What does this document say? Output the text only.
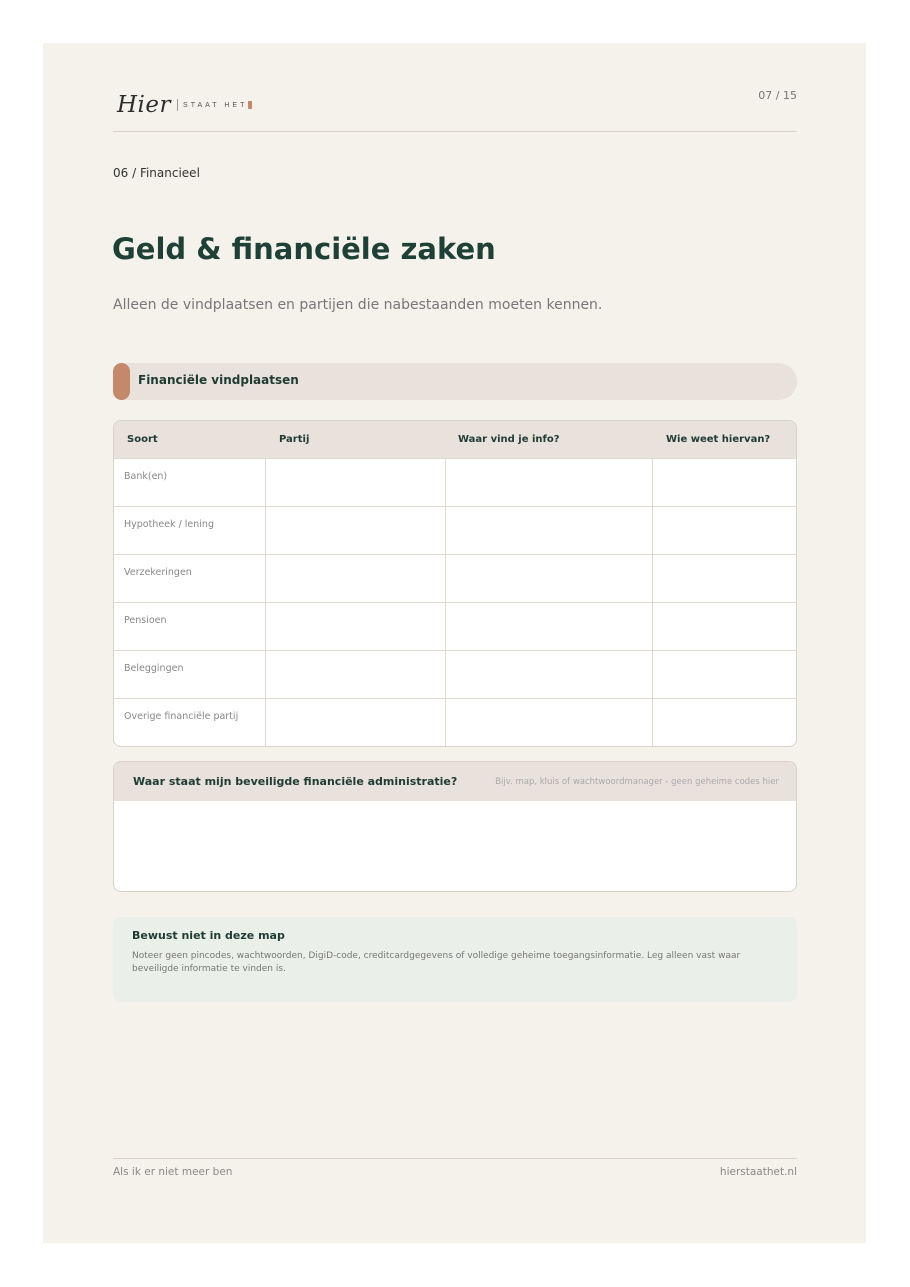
Hier STAAT HET
07 / 15
06 / Financieel
Geld & financiële zaken
Alleen de vindplaatsen en partijen die nabestaanden moeten kennen.
Financiële vindplaatsen
Soort	Partij	Waar vind je info?	Wie weet hiervan?
Bank(en)
Hypotheek / lening
Verzekeringen
Pensioen
Beleggingen
Overige financiële partij
Waar staat mijn beveiligde financiële administratie?	Bijv. map, kluis of wachtwoordmanager - geen geheime codes hier
Bewust niet in deze map
Noteer geen pincodes, wachtwoorden, DigiD-code, creditcardgegevens of volledige geheime toegangsinformatie. Leg alleen vast waar beveiligde informatie te vinden is.
Als ik er niet meer ben	hierstaathet.nl
